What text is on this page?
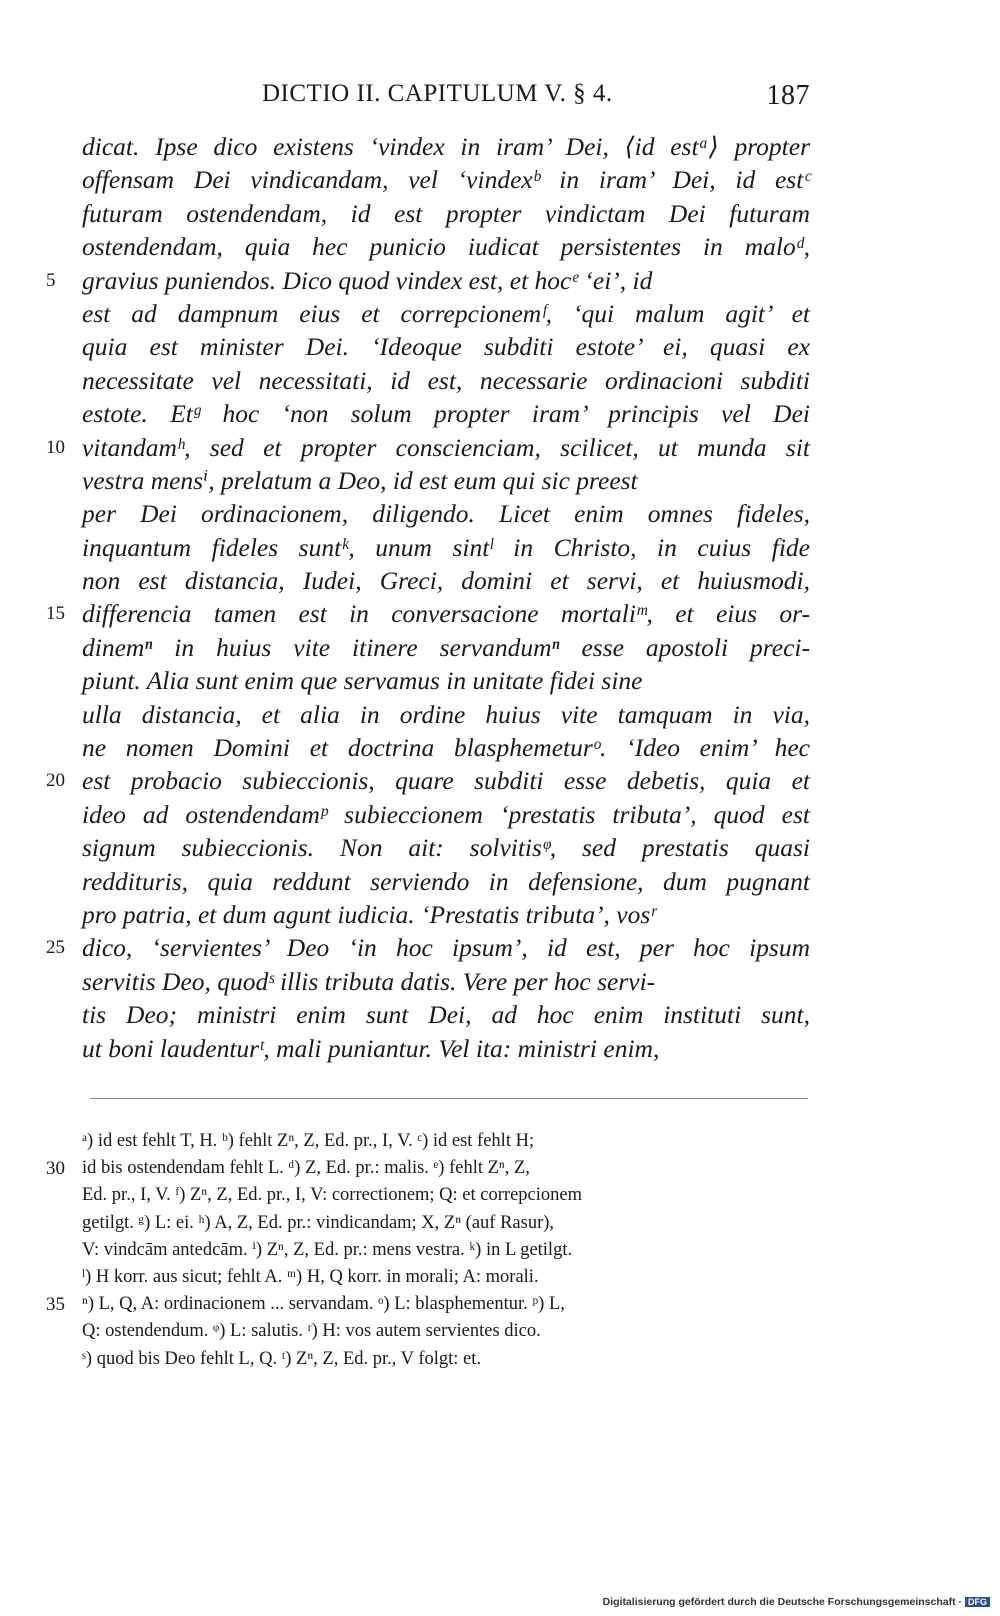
DICTIO II. CAPITULUM V. § 4.	187
dicat. Ipse dico existens ‘vindex in iram’ Dei, ⟨id estᵃ⟩ propter
offensam Dei vindicandam, vel ‘vindexᵇ in iram’ Dei, id estᶜ
futuram ostendendam, id est propter vindictam Dei futuram
ostendendam, quia hec punicio iudicat persistentes in maloᵈ,
5	gravius puniendos. Dico quod vindex est, et hocᵉ ‘ei’, id
est ad dampnum eius et correpcionemᶠ, ‘qui malum agit’ et
quia est minister Dei. ‘Ideoque subditi estote’ ei, quasi ex
necessitate vel necessitati, id est, necessarie ordinacioni subditi
estote. Etᵍ hoc ‘non solum propter iram’ principis vel Dei
10 vitandamʰ, sed et propter conscienciam, scilicet, ut munda sit
vestra mensⁱ, prelatum a Deo, id est eum qui sic preest
per Dei ordinacionem, diligendo. Licet enim omnes fideles,
inquantum fideles suntᵏ, unum sintˡ in Christo, in cuius fide
non est distancia, Iudei, Greci, domini et servi, et huiusmodi,
15 differencia tamen est in conversacione mortaliᵐ, et eius or-
dinemⁿ in huius vite itinere servandumⁿ esse apostoli preci-
piunt. Alia sunt enim que servamus in unitate fidei sine
ulla distancia, et alia in ordine huius vite tamquam in via,
ne nomen Domini et doctrina blasphemeturᵒ. ‘Ideo enim’ hec
20 est probacio subieccionis, quare subditi esse debetis, quia et
ideo ad ostendendamᵖ subieccionem ‘prestatis tributa’, quod est
signum subieccionis. Non ait: solvitisᵠ, sed prestatis quasi
reddituris, quia reddunt serviendo in defensione, dum pugnant
pro patria, et dum agunt iudicia. ‘Prestatis tributa’, vosʳ
25 dico, ‘servientes’ Deo ‘in hoc ipsum’, id est, per hoc ipsum
servitis Deo, quodˢ illis tributa datis. Vere per hoc servi-
tis Deo; ministri enim sunt Dei, ad hoc enim instituti sunt,
ut boni laudenturᵗ, mali puniantur. Vel ita: ministri enim,
ᵃ) id est fehlt T, H. ᵇ) fehlt Zⁿ, Z, Ed. pr., I, V. ᶜ) id est fehlt H;
30 id bis ostendendam fehlt L. ᵈ) Z, Ed. pr.: malis. ᵉ) fehlt Zⁿ, Z,
Ed. pr., I, V. ᶠ) Zⁿ, Z, Ed. pr., I, V: correctionem; Q: et correpcionem
getilgt. ᵍ) L: ei. ʰ) A, Z, Ed. pr.: vindicandam; X, Zⁿ (auf Rasur),
V: vindcām antedcām. ⁱ) Zⁿ, Z, Ed. pr.: mens vestra. ᵏ) in L getilgt.
ˡ) H korr. aus sicut; fehlt A. ᵐ) H, Q korr. in morali; A: morali.
35 ⁿ) L, Q, A: ordinacionem ... servandam. ᵒ) L: blasphementur. ᵖ) L,
Q: ostendendum. ᵠ) L: salutis. ʳ) H: vos autem servientes dico.
ˢ) quod bis Deo fehlt L, Q. ᵗ) Zⁿ, Z, Ed. pr., V folgt: et.
Digitalisierung gefördert durch die Deutsche Forschungsgemeinschaft · DFG
